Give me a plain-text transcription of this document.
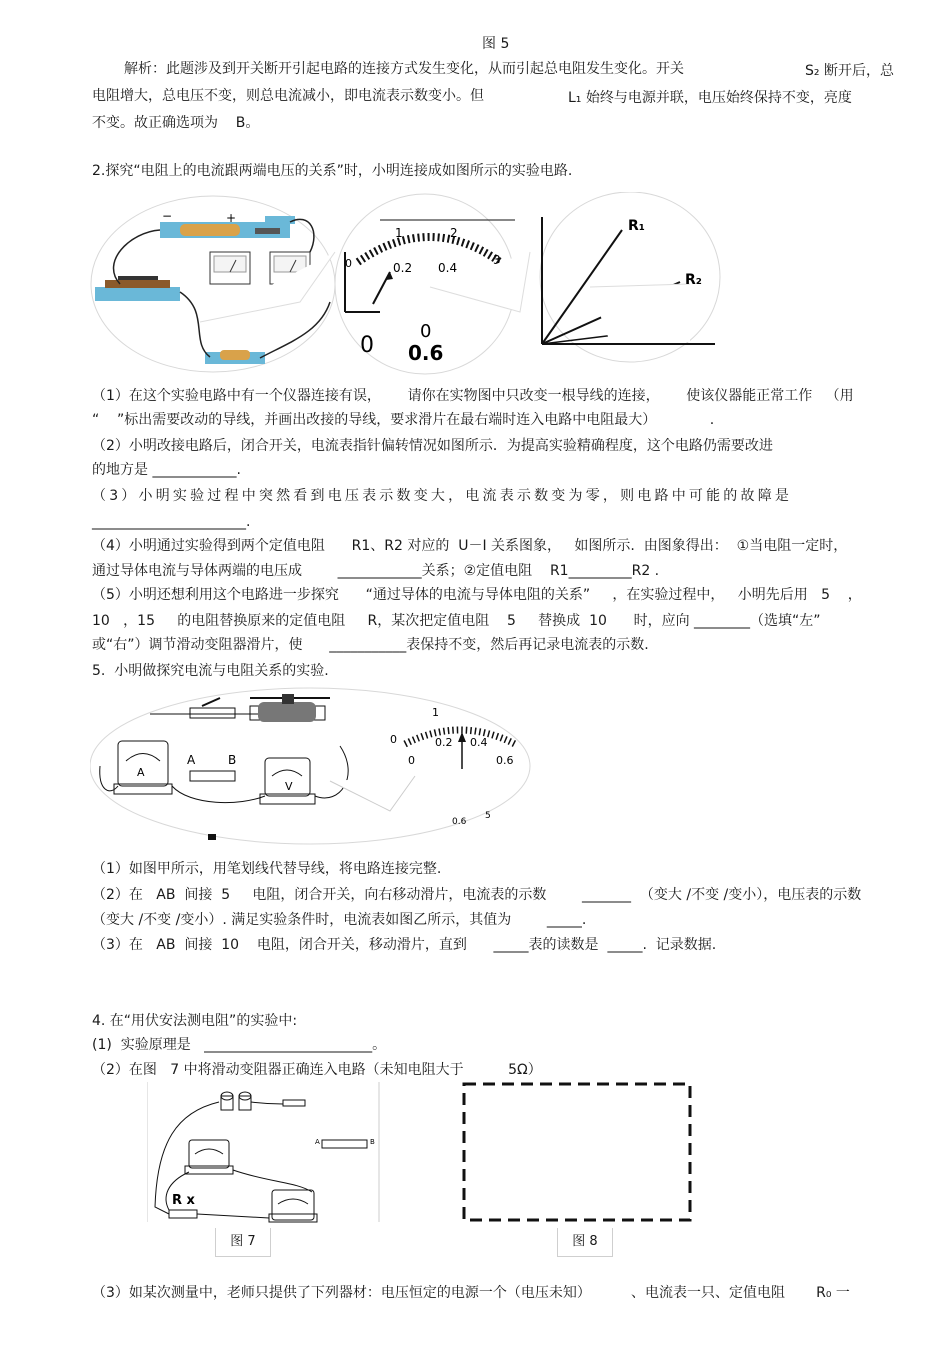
图 5
解析：此题涉及到开关断开引起电路的连接方式发生变化，从而引起总电阻发生变化。开关	S₂ 断开后，总
电阻增大，总电压不变，则总电流减小，即电流表示数变小。但	L₁ 始终与电源并联，电压始终保持不变，亮度
不变。故正确选项为    B。
2.探究“电阻上的电流跟两端电压的关系”时，小明连接成如图所示的实验电路.
−	+
1	2
3
0.2 0.4
0
0
0
0.6
R₁
R₂
（1）在这个实验电路中有一个仪器连接有误，      请你在实物图中只改变一根导线的连接，      使该仪器能正常工作   （用
“    ”标出需要改动的导线，并画出改接的导线，要求滑片在最右端时连入电路中电阻最大）            .
（2）小明改接电路后，闭合开关，电流表指针偏转情况如图所示．为提高实验精确程度，这个电路仍需要改进
的地方是 ____________.
（3）小明实验过程中突然看到电压表示数变大，电流表示数变为零，则电路中可能的故障是
______________________.
（4）小明通过实验得到两个定值电阻      R1、R2 对应的  U－I 关系图象，   如图所示.  由图象得出：  ①当电阻一定时，
通过导体电流与导体两端的电压成        ____________关系；②定值电阻    R1_________R2 .
（5）小明还想利用这个电路进一步探究      “通过导体的电流与导体电阻的关系”     ，在实验过程中，   小明先后用   5    ，
10   ，15     的电阻替换原来的定值电阻     R，某次把定值电阻    5     替换成  10      时，应向 ________（选填“左”
或“右”）调节滑动变阻器滑片，使      ___________表保持不变，然后再记录电流表的示数.
5.  小明做探究电流与电阻关系的实验.
A
A	B
V
0.6
5
0
1
0.2 0.4
0	0.6
（1）如图甲所示，用笔划线代替导线，将电路连接完整.
（2）在   AB  间接  5     电阻，闭合开关，向右移动滑片，电流表的示数        _______  （变大 /不变 /变小），电压表的示数
（变大 /不变 /变小）. 满足实验条件时，电流表如图乙所示，其值为        _____.
（3）在   AB  间接  10    电阻，闭合开关，移动滑片，直到      _____表的读数是  _____.  记录数据.
4. 在“用伏安法测电阻”的实验中:
(1)  实验原理是   ________________________。
（2）在图   7 中将滑动变阻器正确连入电路（未知电阻大于          5Ω）
A	B
R x
图 7	图 8
（3）如某次测量中，老师只提供了下列器材：电压恒定的电源一个（电压未知）         、电流表一只、定值电阻       R₀ 一
